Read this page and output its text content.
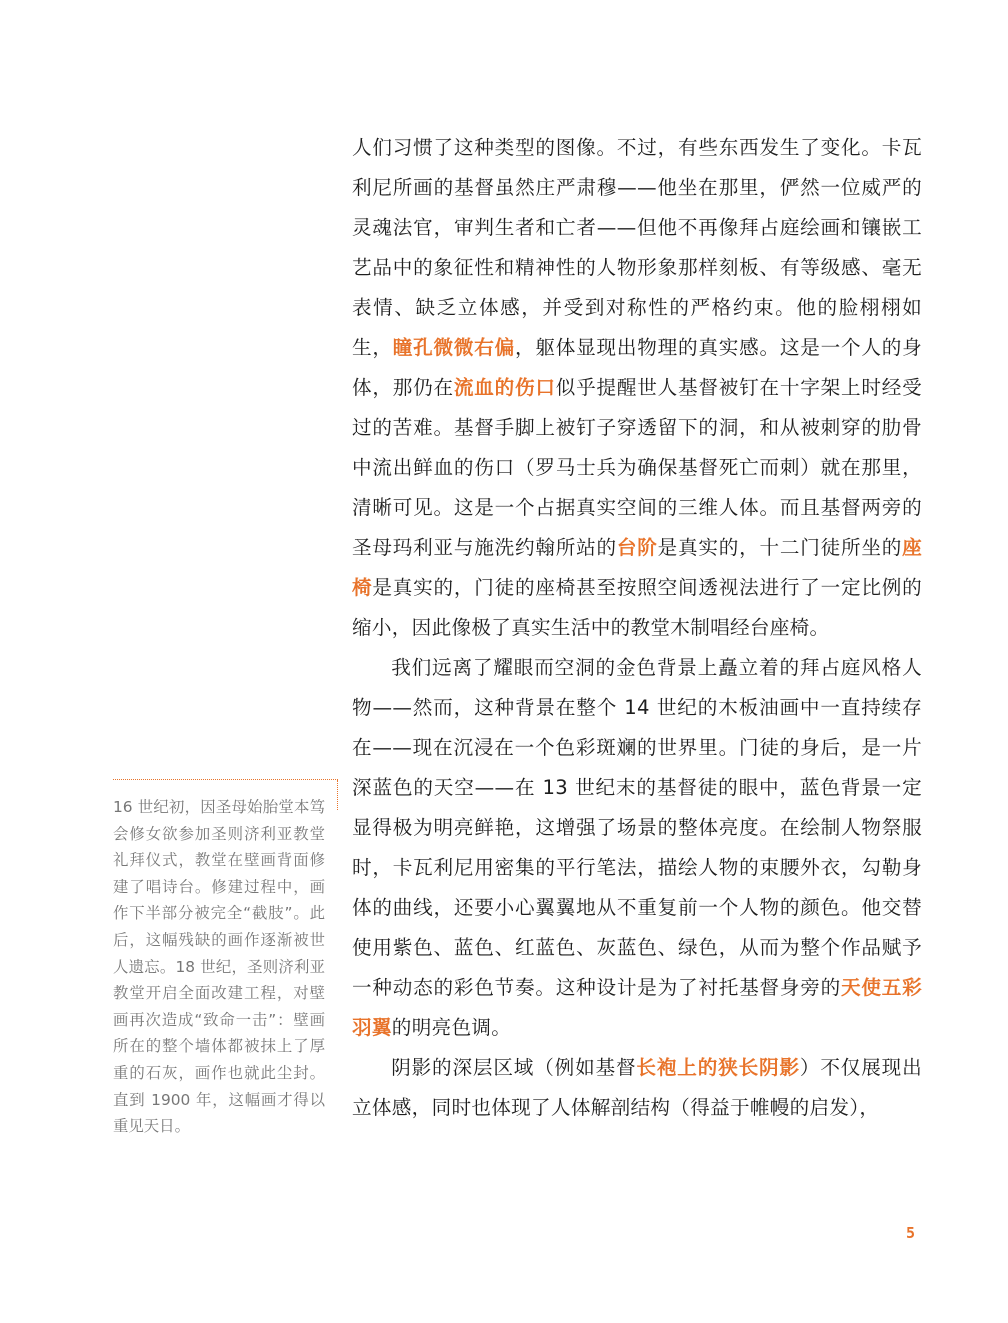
人们习惯了这种类型的图像。不过，有些东西发生了变化。卡瓦利尼所画的基督虽然庄严肃穆——他坐在那里，俨然一位威严的灵魂法官，审判生者和亡者——但他不再像拜占庭绘画和镶嵌工艺品中的象征性和精神性的人物形象那样刻板、有等级感、毫无表情、缺乏立体感，并受到对称性的严格约束。他的脸栩栩如生，瞳孔微微右偏，躯体显现出物理的真实感。这是一个人的身体，那仍在流血的伤口似乎提醒世人基督被钉在十字架上时经受过的苦难。基督手脚上被钉子穿透留下的洞，和从被刺穿的肋骨中流出鲜血的伤口（罗马士兵为确保基督死亡而刺）就在那里，清晰可见。这是一个占据真实空间的三维人体。而且基督两旁的圣母玛利亚与施洗约翰所站的台阶是真实的，十二门徒所坐的座椅是真实的，门徒的座椅甚至按照空间透视法进行了一定比例的缩小，因此像极了真实生活中的教堂木制唱经台座椅。

我们远离了耀眼而空洞的金色背景上矗立着的拜占庭风格人物——然而，这种背景在整个 14 世纪的木板油画中一直持续存在——现在沉浸在一个色彩斑斓的世界里。门徒的身后，是一片深蓝色的天空——在 13 世纪末的基督徒的眼中，蓝色背景一定显得极为明亮鲜艳，这增强了场景的整体亮度。在绘制人物祭服时，卡瓦利尼用密集的平行笔法，描绘人物的束腰外衣，勾勒身体的曲线，还要小心翼翼地从不重复前一个人物的颜色。他交替使用紫色、蓝色、红蓝色、灰蓝色、绿色，从而为整个作品赋予一种动态的彩色节奏。这种设计是为了衬托基督身旁的天使五彩羽翼的明亮色调。

阴影的深层区域（例如基督长袍上的狭长阴影）不仅展现出立体感，同时也体现了人体解剖结构（得益于帷幔的启发），

16 世纪初，因圣母始胎堂本笃会修女欲参加圣则济利亚教堂礼拜仪式，教堂在壁画背面修建了唱诗台。修建过程中，画作下半部分被完全“截肢”。此后，这幅残缺的画作逐渐被世人遗忘。18 世纪，圣则济利亚教堂开启全面改建工程，对壁画再次造成“致命一击”：壁画所在的整个墙体都被抹上了厚重的石灰，画作也就此尘封。直到 1900 年，这幅画才得以重见天日。
5
